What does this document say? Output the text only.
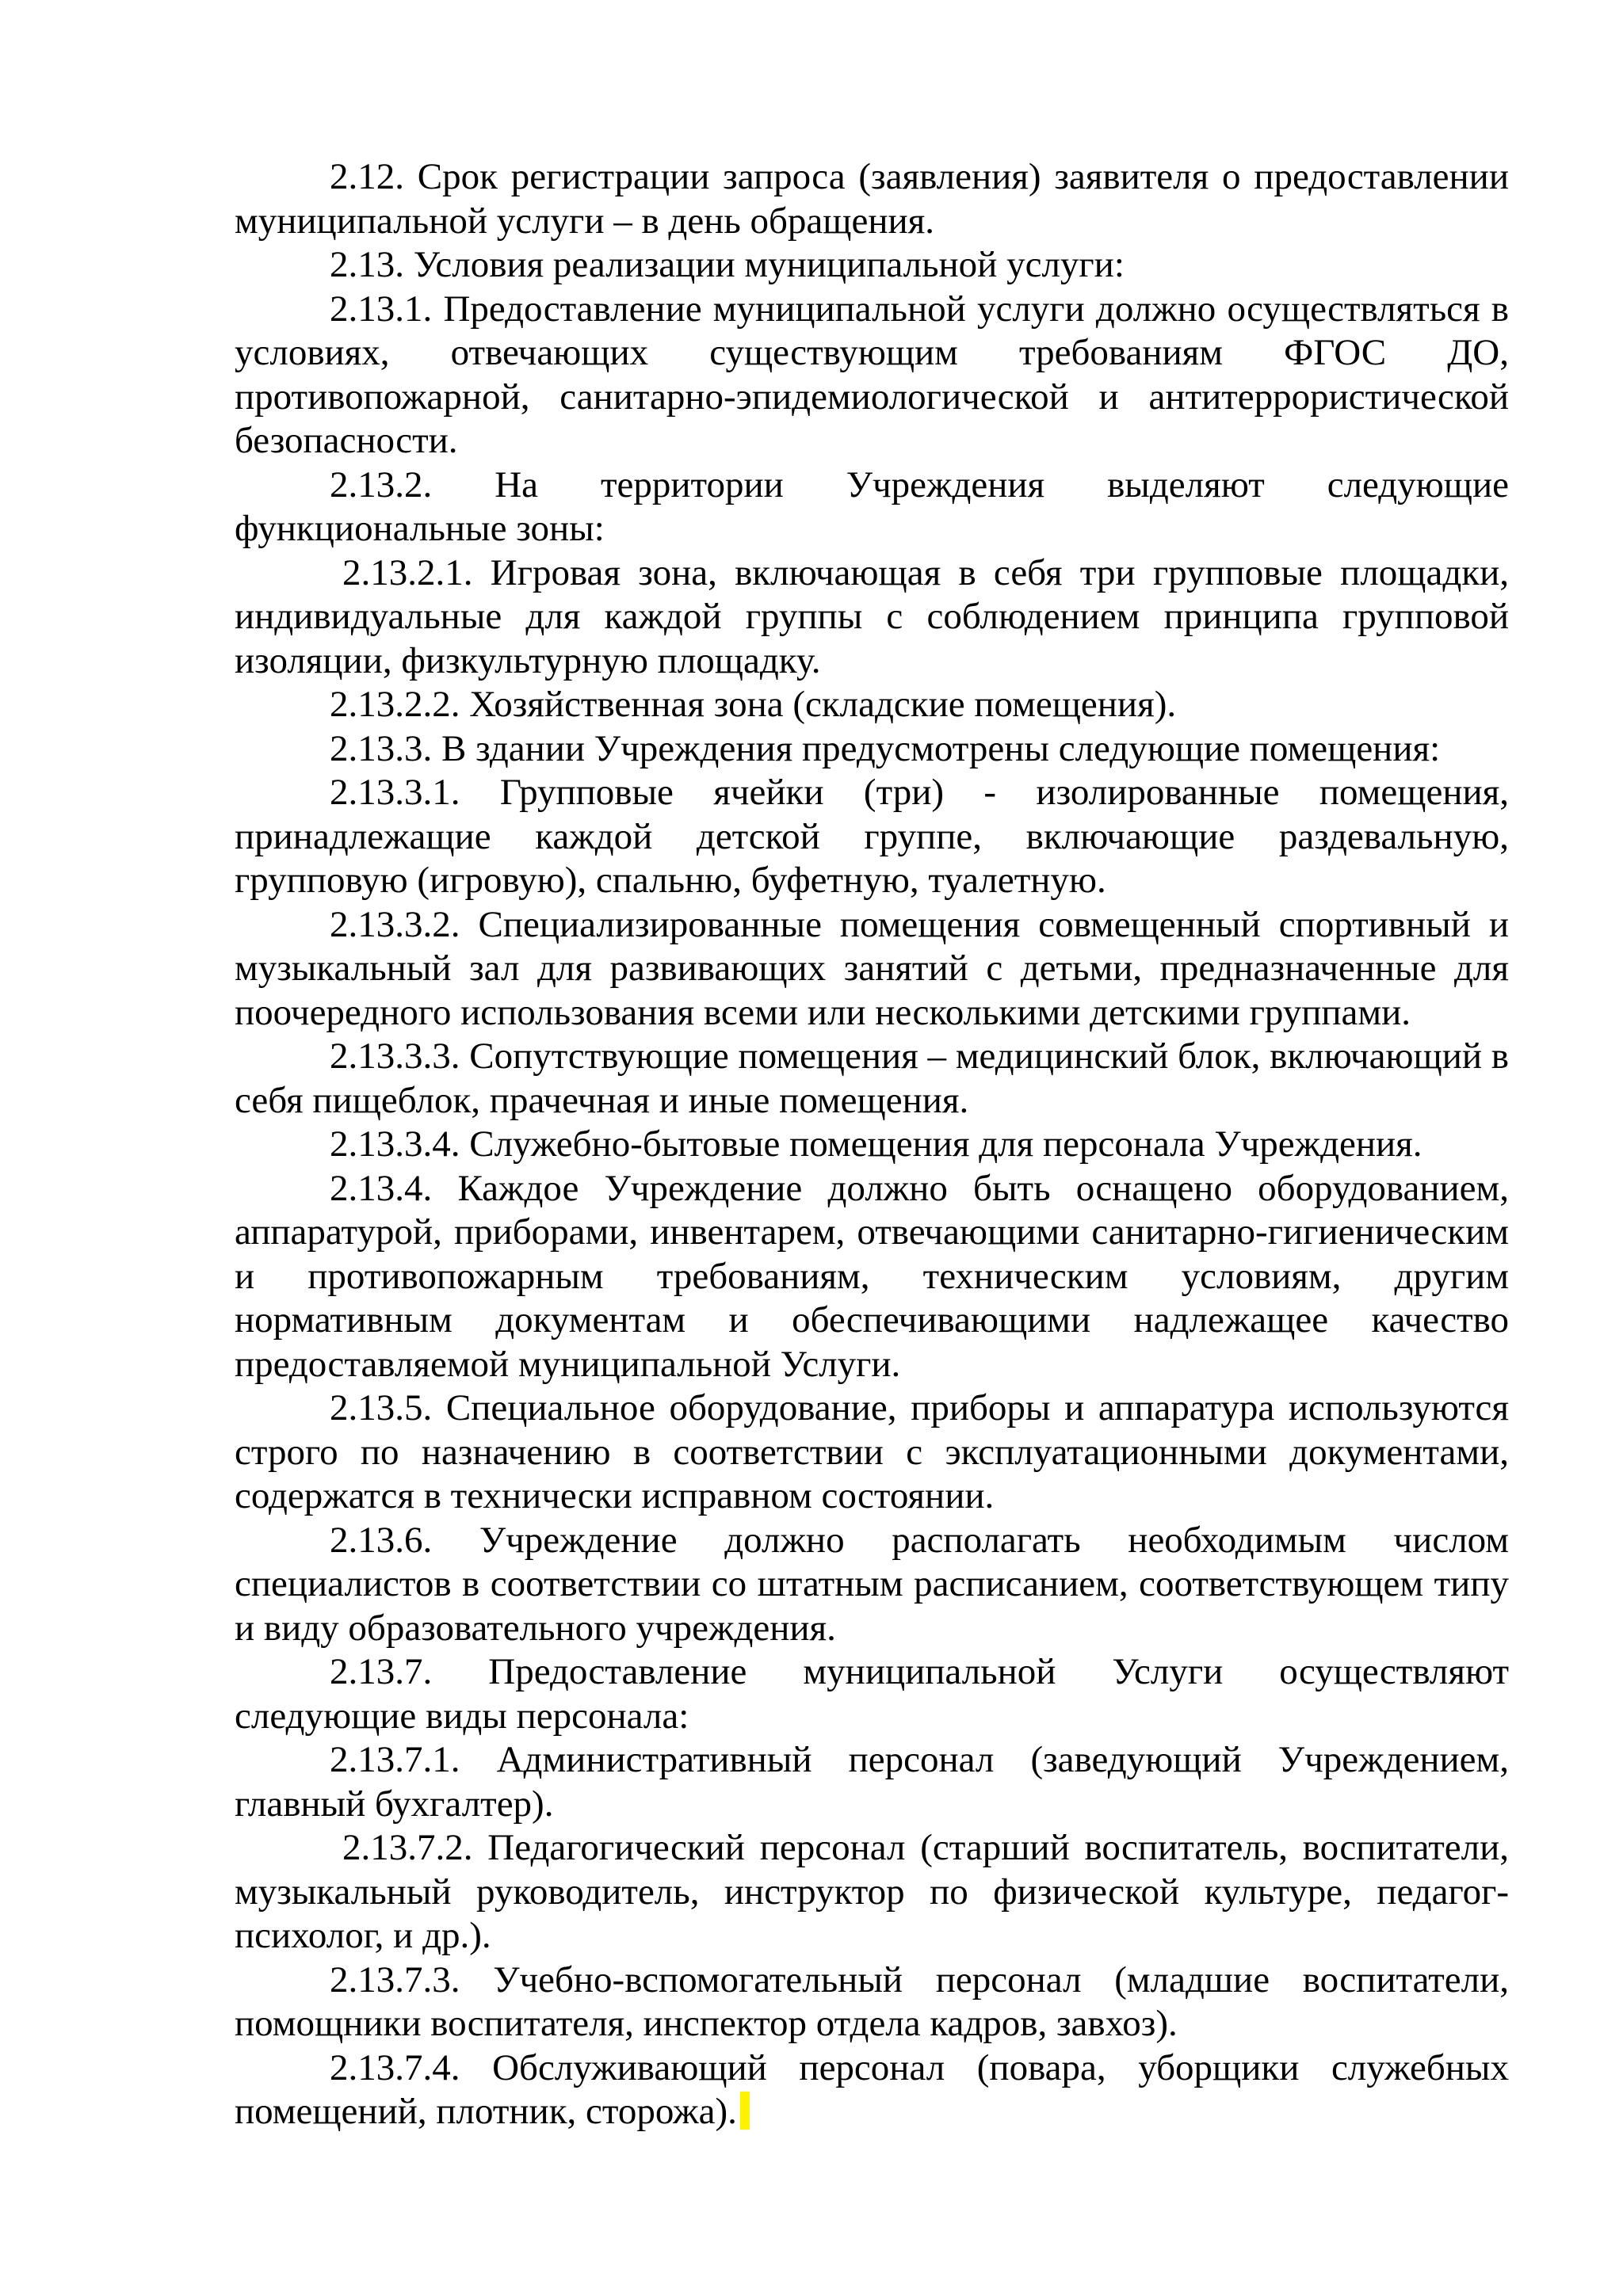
2.12. Срок регистрации запроса (заявления) заявителя о предоставлении муниципальной услуги – в день обращения.

2.13. Условия реализации муниципальной услуги:

2.13.1. Предоставление муниципальной услуги должно осуществляться в условиях, отвечающих существующим требованиям ФГОС ДО, противопожарной, санитарно-эпидемиологической и антитеррористической безопасности.

2.13.2. На территории Учреждения выделяют следующие функциональные зоны:

2.13.2.1. Игровая зона, включающая в себя три групповые площадки, индивидуальные для каждой группы с соблюдением принципа групповой изоляции, физкультурную площадку.

2.13.2.2. Хозяйственная зона (складские помещения).

2.13.3. В здании Учреждения предусмотрены следующие помещения:

2.13.3.1. Групповые ячейки (три) - изолированные помещения, принадлежащие каждой детской группе, включающие раздевальную, групповую (игровую), спальню, буфетную, туалетную.

2.13.3.2. Специализированные помещения совмещенный спортивный и музыкальный зал для развивающих занятий с детьми, предназначенные для поочередного использования всеми или несколькими детскими группами.

2.13.3.3. Сопутствующие помещения – медицинский блок, включающий в себя пищеблок, прачечная и иные помещения.

2.13.3.4. Служебно-бытовые помещения для персонала Учреждения.

2.13.4. Каждое Учреждение должно быть оснащено оборудованием, аппаратурой, приборами, инвентарем, отвечающими санитарно-гигиеническим и противопожарным требованиям, техническим условиям, другим нормативным документам и обеспечивающими надлежащее качество предоставляемой муниципальной Услуги.

2.13.5. Специальное оборудование, приборы и аппаратура используются строго по назначению в соответствии с эксплуатационными документами, содержатся в технически исправном состоянии.

2.13.6. Учреждение должно располагать необходимым числом специалистов в соответствии со штатным расписанием, соответствующем типу и виду образовательного учреждения.

2.13.7. Предоставление муниципальной Услуги осуществляют следующие виды персонала:

2.13.7.1. Административный персонал (заведующий Учреждением, главный бухгалтер).

2.13.7.2. Педагогический персонал (старший воспитатель, воспитатели, музыкальный руководитель, инструктор по физической культуре, педагог-психолог, и др.).

2.13.7.3. Учебно-вспомогательный персонал (младшие воспитатели, помощники воспитателя, инспектор отдела кадров, завхоз).

2.13.7.4. Обслуживающий персонал (повара, уборщики служебных помещений, плотник, сторожа).
